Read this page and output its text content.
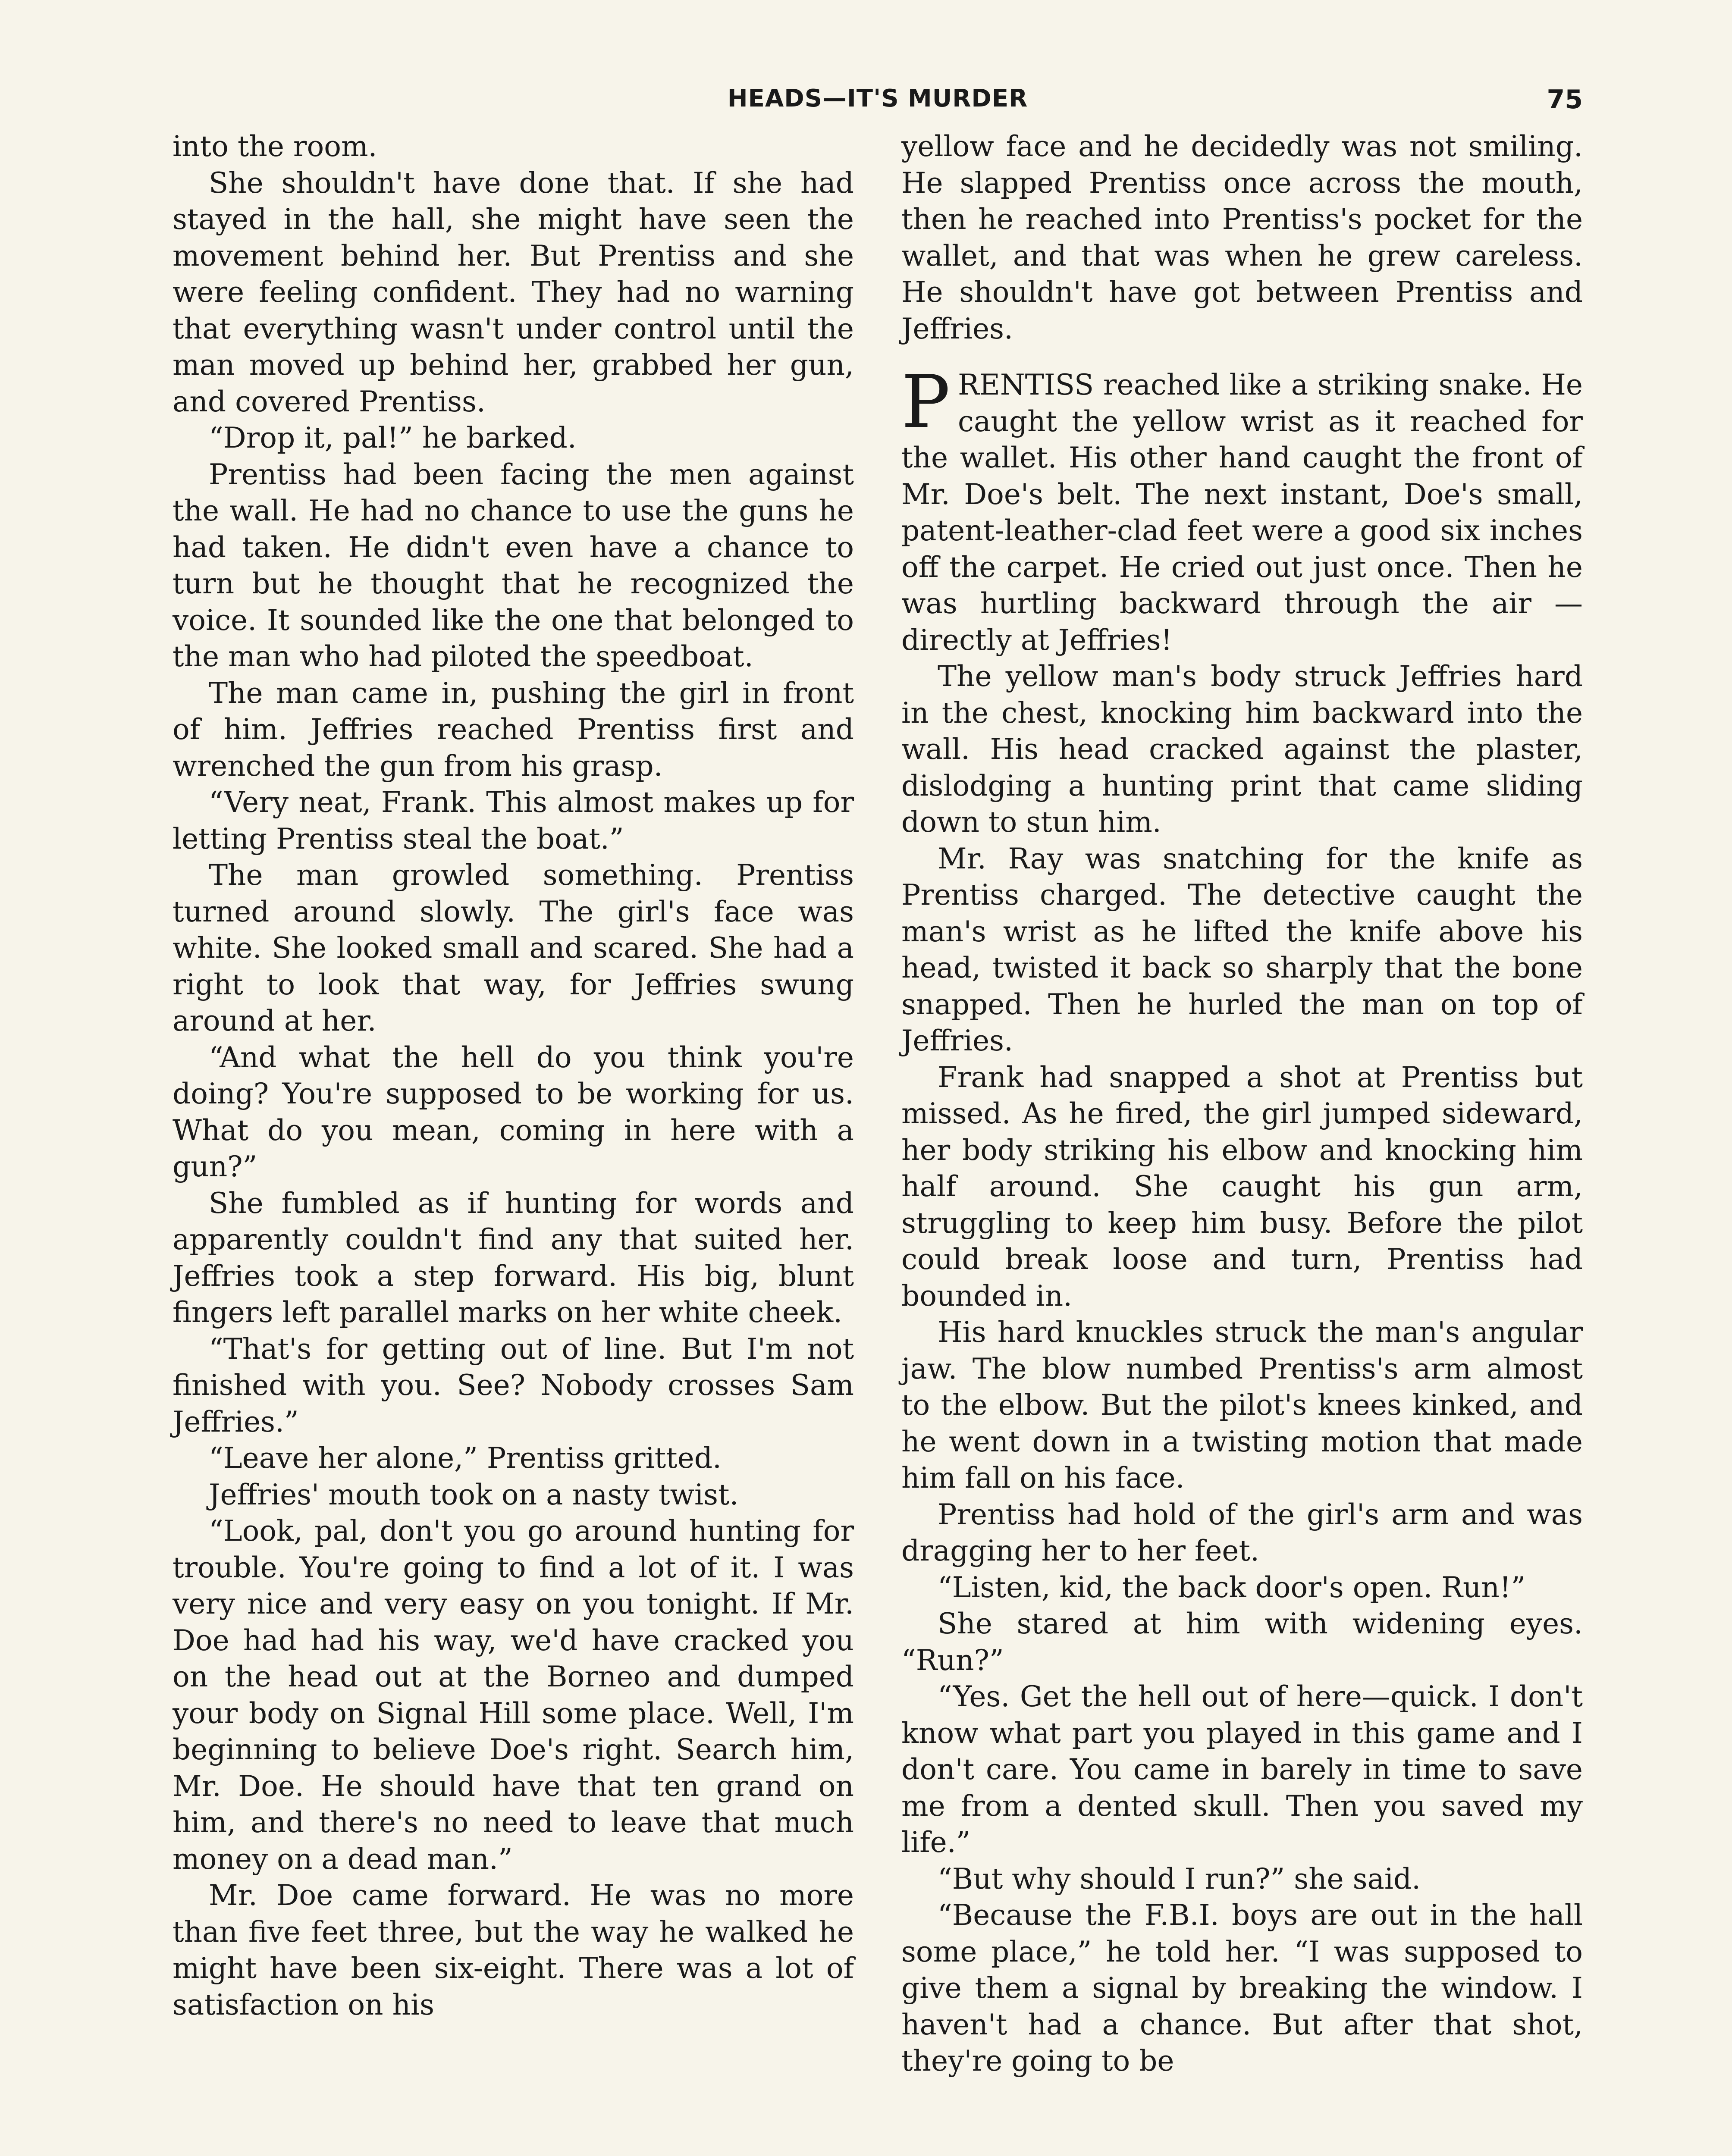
HEADS—IT'S MURDER	75

into the room.

She shouldn't have done that. If she had stayed in the hall, she might have seen the movement behind her. But Prentiss and she were feeling confident. They had no warning that everything wasn't under control until the man moved up behind her, grabbed her gun, and covered Prentiss.

“Drop it, pal!” he barked.

Prentiss had been facing the men against the wall. He had no chance to use the guns he had taken. He didn't even have a chance to turn but he thought that he recognized the voice. It sounded like the one that belonged to the man who had piloted the speedboat.

The man came in, pushing the girl in front of him. Jeffries reached Prentiss first and wrenched the gun from his grasp.

“Very neat, Frank. This almost makes up for letting Prentiss steal the boat.”

The man growled something. Prentiss turned around slowly. The girl's face was white. She looked small and scared. She had a right to look that way, for Jeffries swung around at her.

“And what the hell do you think you're doing? You're supposed to be working for us. What do you mean, coming in here with a gun?”

She fumbled as if hunting for words and apparently couldn't find any that suited her. Jeffries took a step forward. His big, blunt fingers left parallel marks on her white cheek.

“That's for getting out of line. But I'm not finished with you. See? Nobody crosses Sam Jeffries.”

“Leave her alone,” Prentiss gritted.

Jeffries' mouth took on a nasty twist.

“Look, pal, don't you go around hunting for trouble. You're going to find a lot of it. I was very nice and very easy on you tonight. If Mr. Doe had had his way, we'd have cracked you on the head out at the Borneo and dumped your body on Signal Hill some place. Well, I'm beginning to believe Doe's right. Search him, Mr. Doe. He should have that ten grand on him, and there's no need to leave that much money on a dead man.”

Mr. Doe came forward. He was no more than five feet three, but the way he walked he might have been six-eight. There was a lot of satisfaction on his

yellow face and he decidedly was not smiling. He slapped Prentiss once across the mouth, then he reached into Prentiss's pocket for the wallet, and that was when he grew careless. He shouldn't have got between Prentiss and Jeffries.

PRENTISS reached like a striking snake. He caught the yellow wrist as it reached for the wallet. His other hand caught the front of Mr. Doe's belt. The next instant, Doe's small, patent-leather-clad feet were a good six inches off the carpet. He cried out just once. Then he was hurtling backward through the air —directly at Jeffries!

The yellow man's body struck Jeffries hard in the chest, knocking him backward into the wall. His head cracked against the plaster, dislodging a hunting print that came sliding down to stun him.

Mr. Ray was snatching for the knife as Prentiss charged. The detective caught the man's wrist as he lifted the knife above his head, twisted it back so sharply that the bone snapped. Then he hurled the man on top of Jeffries.

Frank had snapped a shot at Prentiss but missed. As he fired, the girl jumped sideward, her body striking his elbow and knocking him half around. She caught his gun arm, struggling to keep him busy. Before the pilot could break loose and turn, Prentiss had bounded in.

His hard knuckles struck the man's angular jaw. The blow numbed Prentiss's arm almost to the elbow. But the pilot's knees kinked, and he went down in a twisting motion that made him fall on his face.

Prentiss had hold of the girl's arm and was dragging her to her feet.

“Listen, kid, the back door's open. Run!”

She stared at him with widening eyes. “Run?”

“Yes. Get the hell out of here—quick. I don't know what part you played in this game and I don't care. You came in barely in time to save me from a dented skull. Then you saved my life.”

“But why should I run?” she said.

“Because the F.B.I. boys are out in the hall some place,” he told her. “I was supposed to give them a signal by breaking the window. I haven't had a chance. But after that shot, they're going to be
